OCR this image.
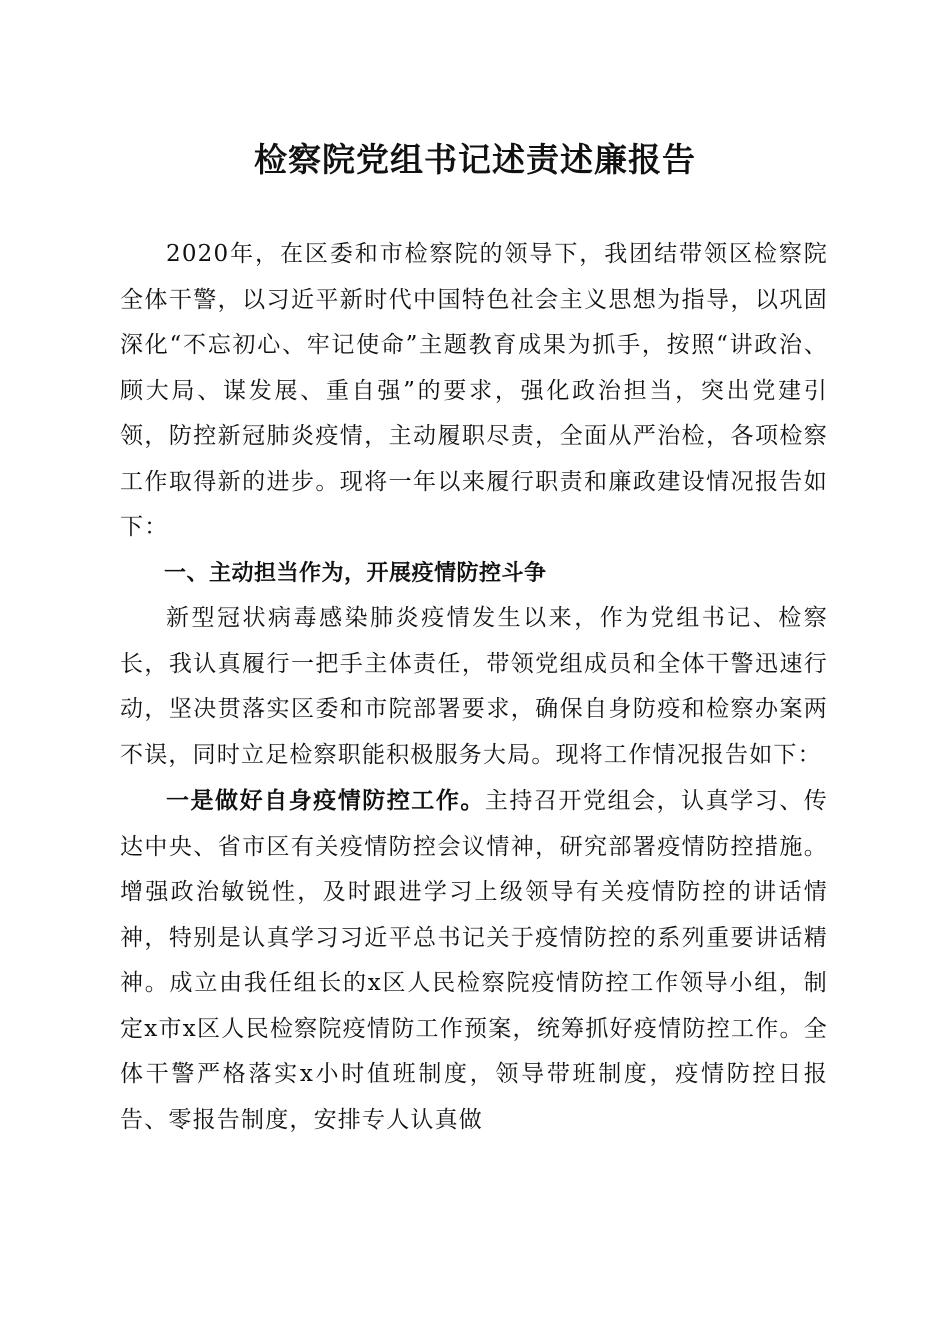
检察院党组书记述责述廉报告

2020年，在区委和市检察院的领导下，我团结带领区检察院全体干警，以习近平新时代中国特色社会主义思想为指导，以巩固深化“不忘初心、牢记使命”主题教育成果为抓手，按照“讲政治、顾大局、谋发展、重自强”的要求，强化政治担当，突出党建引领，防控新冠肺炎疫情，主动履职尽责，全面从严治检，各项检察工作取得新的进步。现将一年以来履行职责和廉政建设情况报告如下：

一、主动担当作为，开展疫情防控斗争

新型冠状病毒感染肺炎疫情发生以来，作为党组书记、检察长，我认真履行一把手主体责任，带领党组成员和全体干警迅速行动，坚决贯落实区委和市院部署要求，确保自身防疫和检察办案两不误，同时立足检察职能积极服务大局。现将工作情况报告如下：

一是做好自身疫情防控工作。主持召开党组会，认真学习、传达中央、省市区有关疫情防控会议情神，研究部署疫情防控措施。增强政治敏锐性，及时跟进学习上级领导有关疫情防控的讲话情神，特别是认真学习习近平总书记关于疫情防控的系列重要讲话精神。成立由我任组长的x区人民检察院疫情防控工作领导小组，制定x市x区人民检察院疫情防工作预案，统筹抓好疫情防控工作。全体干警严格落实x小时值班制度，领导带班制度，疫情防控日报告、零报告制度，安排专人认真做
